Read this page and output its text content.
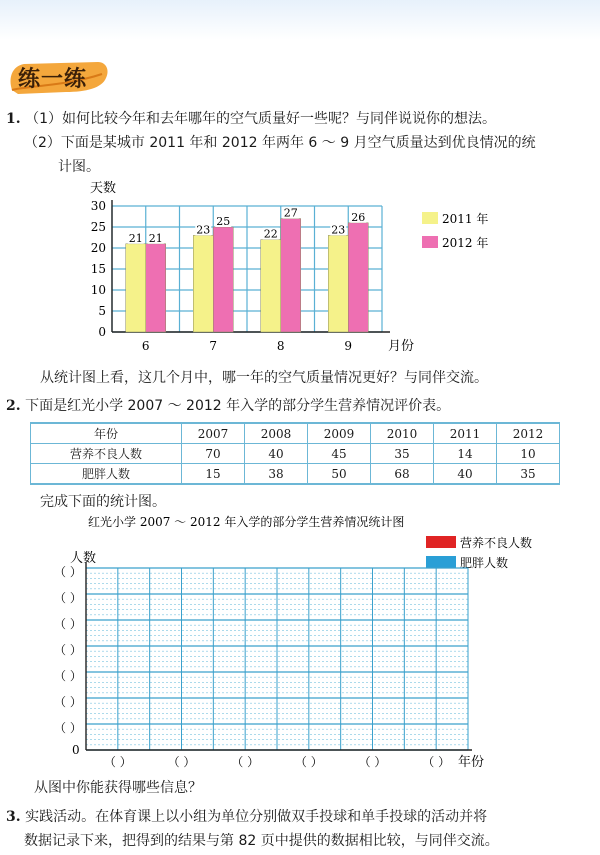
练一练
1. （1）如何比较今年和去年哪年的空气质量好一些呢？与同伴说说你的想法。
（2）下面是某城市 2011 年和 2012 年两年 6 ～ 9 月空气质量达到优良情况的统
计图。
天数
21 21
23
25
22
27
23
26
0
5
10
15
20
25
30
6	7	8	9	月份
2011 年
2012 年
从统计图上看，这几个月中，哪一年的空气质量情况更好？与同伴交流。
2. 下面是红光小学 2007 ～ 2012 年入学的部分学生营养情况评价表。
年份	2007	2008	2009	2010	2011	2012
营养不良人数	70	40	45	35	14	10
肥胖人数	15	38	50	68	40	35
完成下面的统计图。
红光小学 2007 ～ 2012 年入学的部分学生营养情况统计图
人数
营养不良人数
肥胖人数
（ ）
（ ）
（ ）
（ ）
（ ）
（ ）
（ ）
（ ）	（ ）	（ ）	（ ）	（ ）	（ ）
0
年份
从图中你能获得哪些信息？
3. 实践活动。在体育课上以小组为单位分别做双手投球和单手投球的活动并将
数据记录下来，把得到的结果与第 82 页中提供的数据相比较，与同伴交流。
